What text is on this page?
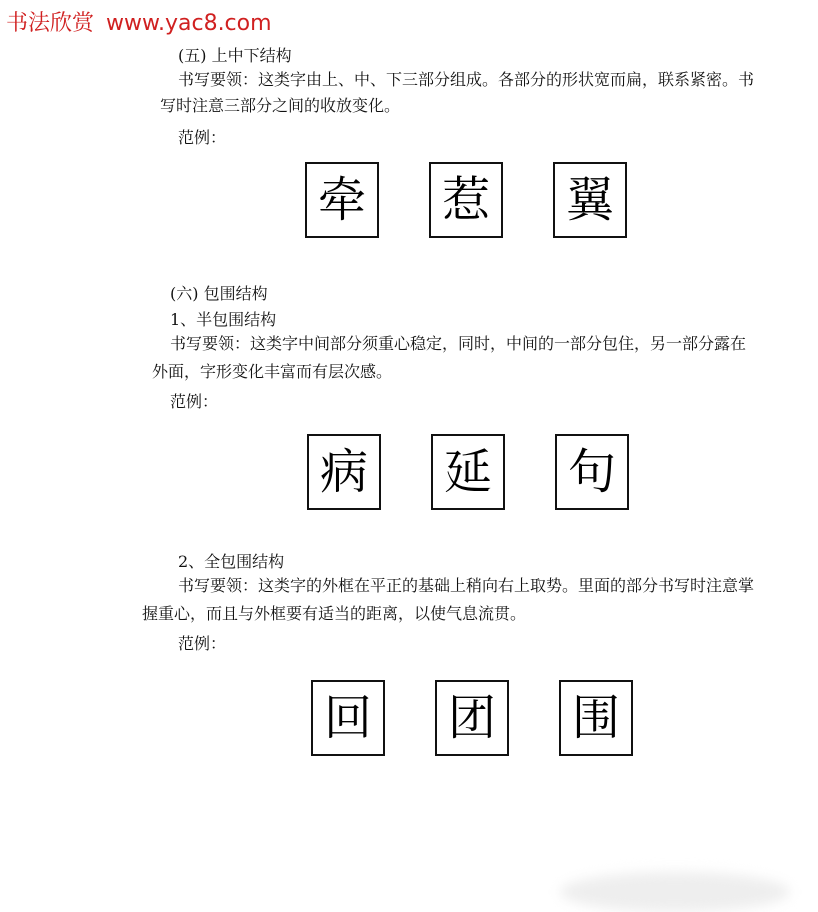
书法欣赏 www.yac8.com
(五) 上中下结构
书写要领：这类字由上、中、下三部分组成。各部分的形状宽而扁，联系紧密。书
写时注意三部分之间的收放变化。
范例：
牵 惹 翼
(六) 包围结构
1、半包围结构
书写要领：这类字中间部分须重心稳定，同时，中间的一部分包住，另一部分露在
外面，字形变化丰富而有层次感。
范例：
病 延 句
2、全包围结构
书写要领：这类字的外框在平正的基础上稍向右上取势。里面的部分书写时注意掌
握重心，而且与外框要有适当的距离，以使气息流贯。
范例：
回 团 围
